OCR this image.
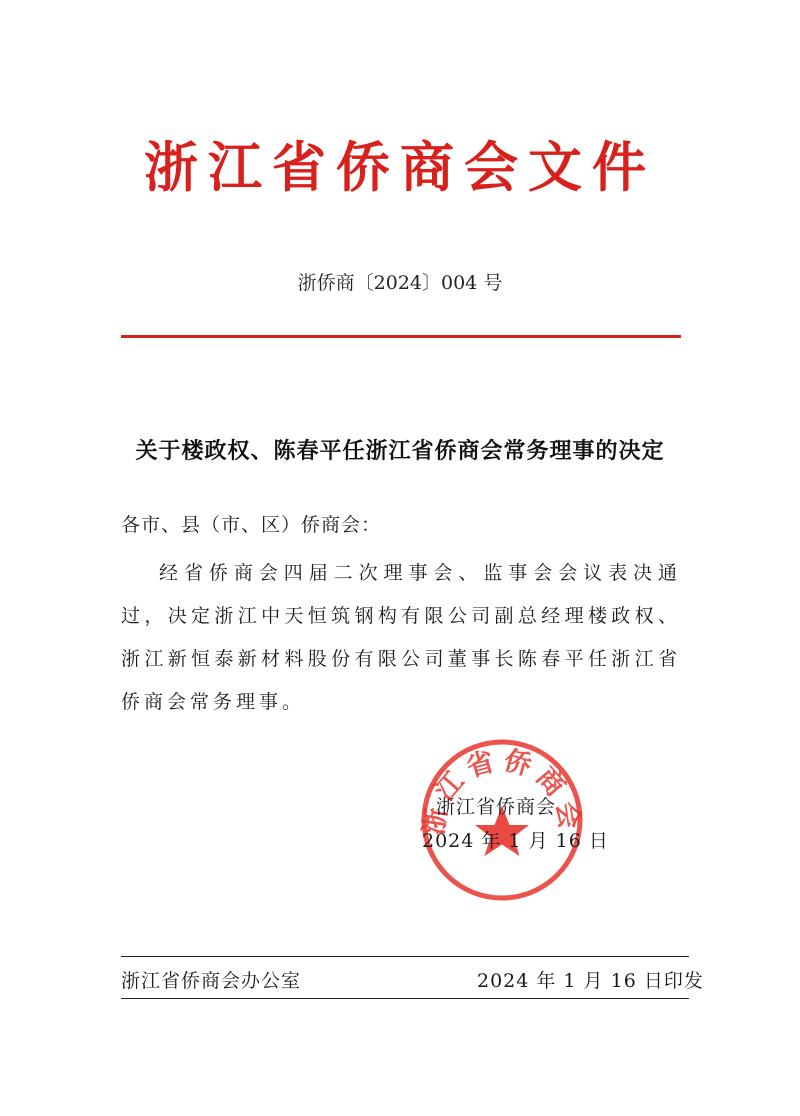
浙江省侨商会文件
浙侨商〔2024〕004 号
关于楼政权、陈春平任浙江省侨商会常务理事的决定
各市、县（市、区）侨商会：
经省侨商会四届二次理事会、监事会会议表决通过，决定浙江中天恒筑钢构有限公司副总经理楼政权、浙江新恒泰新材料股份有限公司董事长陈春平任浙江省侨商会常务理事。
浙江省侨商会
浙江省侨商会
2024 年 1 月 16 日
浙江省侨商会办公室	2024 年 1 月 16 日印发
